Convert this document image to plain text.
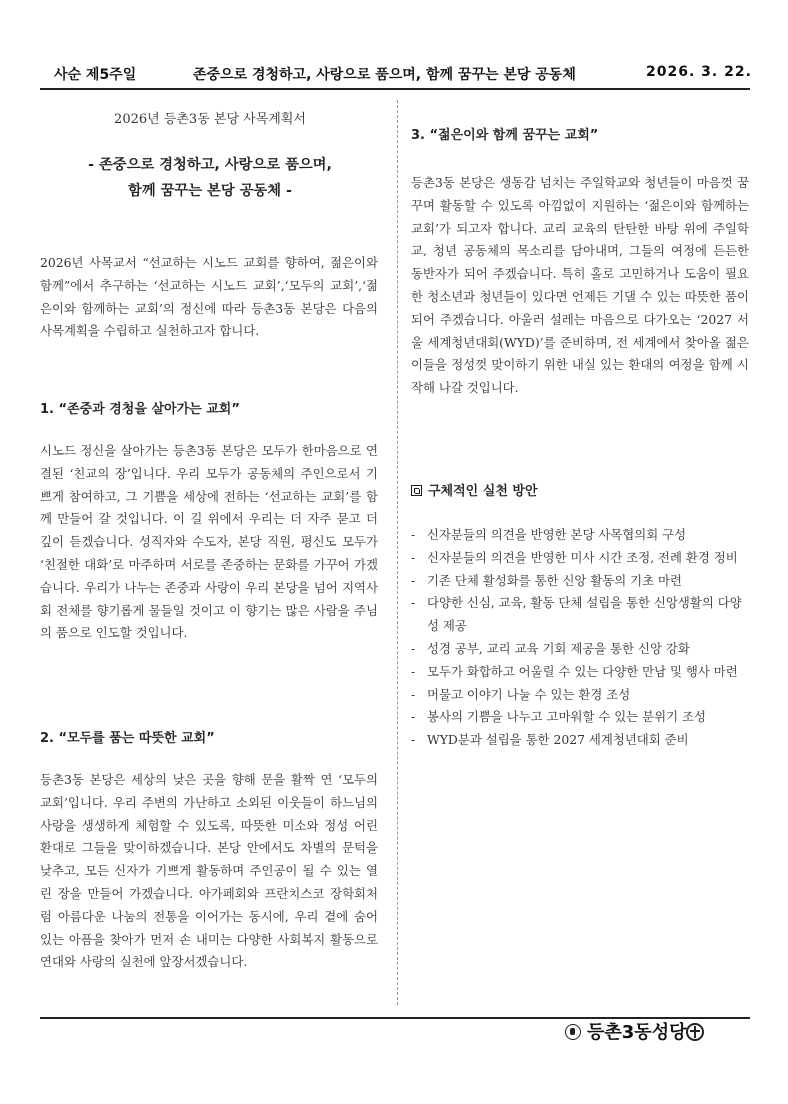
사순 제5주일	존중으로 경청하고, 사랑으로 품으며, 함께 꿈꾸는 본당 공동체	2026. 3. 22.
2026년 등촌3동 본당 사목계획서
- 존중으로 경청하고, 사랑으로 품으며,
함께 꿈꾸는 본당 공동체 -
2026년 사목교서 “선교하는 시노드 교회를 향하여, 젊은이와 함께”에서 추구하는 ‘선교하는 시노드 교회’,‘모두의 교회’,‘젊은이와 함께하는 교회’의 정신에 따라 등촌3동 본당은 다음의 사목계획을 수립하고 실천하고자 합니다.
1. “존중과 경청을 살아가는 교회”
시노드 정신을 살아가는 등촌3동 본당은 모두가 한마음으로 연결된 ‘친교의 장’입니다. 우리 모두가 공동체의 주인으로서 기쁘게 참여하고, 그 기쁨을 세상에 전하는 ‘선교하는 교회’를 함께 만들어 갈 것입니다. 이 길 위에서 우리는 더 자주 묻고 더 깊이 듣겠습니다. 성직자와 수도자, 본당 직원, 평신도 모두가 ‘친절한 대화’로 마주하며 서로를 존중하는 문화를 가꾸어 가겠습니다. 우리가 나누는 존중과 사랑이 우리 본당을 넘어 지역사회 전체를 향기롭게 물들일 것이고 이 향기는 많은 사람을 주님의 품으로 인도할 것입니다.
2. “모두를 품는 따뜻한 교회”
등촌3동 본당은 세상의 낮은 곳을 향해 문을 활짝 연 ‘모두의 교회’입니다. 우리 주변의 가난하고 소외된 이웃들이 하느님의 사랑을 생생하게 체험할 수 있도록, 따뜻한 미소와 정성 어린 환대로 그들을 맞이하겠습니다. 본당 안에서도 차별의 문턱을 낮추고, 모든 신자가 기쁘게 활동하며 주인공이 될 수 있는 열린 장을 만들어 가겠습니다. 아가페회와 프란치스코 장학회처럼 아름다운 나눔의 전통을 이어가는 동시에, 우리 곁에 숨어 있는 아픔을 찾아가 먼저 손 내미는 다양한 사회복지 활동으로 연대와 사랑의 실천에 앞장서겠습니다.
3. “젊은이와 함께 꿈꾸는 교회”
등촌3동 본당은 생동감 넘치는 주일학교와 청년들이 마음껏 꿈꾸며 활동할 수 있도록 아낌없이 지원하는 ‘젊은이와 함께하는 교회’가 되고자 합니다. 교리 교육의 탄탄한 바탕 위에 주일학교, 청년 공동체의 목소리를 담아내며, 그들의 여정에 든든한 동반자가 되어 주겠습니다. 특히 홀로 고민하거나 도움이 필요한 청소년과 청년들이 있다면 언제든 기댈 수 있는 따뜻한 품이 되어 주겠습니다. 아울러 설레는 마음으로 다가오는 ‘2027 서울 세계청년대회(WYD)’를 준비하며, 전 세계에서 찾아올 젊은이들을 정성껏 맞이하기 위한 내실 있는 환대의 여정을 함께 시작해 나갈 것입니다.
구체적인 실천 방안
- 신자분들의 의견을 반영한 본당 사목협의회 구성
- 신자분들의 의견을 반영한 미사 시간 조정, 전례 환경 정비
- 기존 단체 활성화를 통한 신앙 활동의 기초 마련
- 다양한 신심, 교육, 활동 단체 설립을 통한 신앙생활의 다양성 제공
- 성경 공부, 교리 교육 기회 제공을 통한 신앙 강화
- 모두가 화합하고 어울릴 수 있는 다양한 만남 및 행사 마련
- 머물고 이야기 나눌 수 있는 환경 조성
- 봉사의 기쁨을 나누고 고마워할 수 있는 분위기 조성
- WYD분과 설립을 통한 2027 세계청년대회 준비
등촌3동성당
